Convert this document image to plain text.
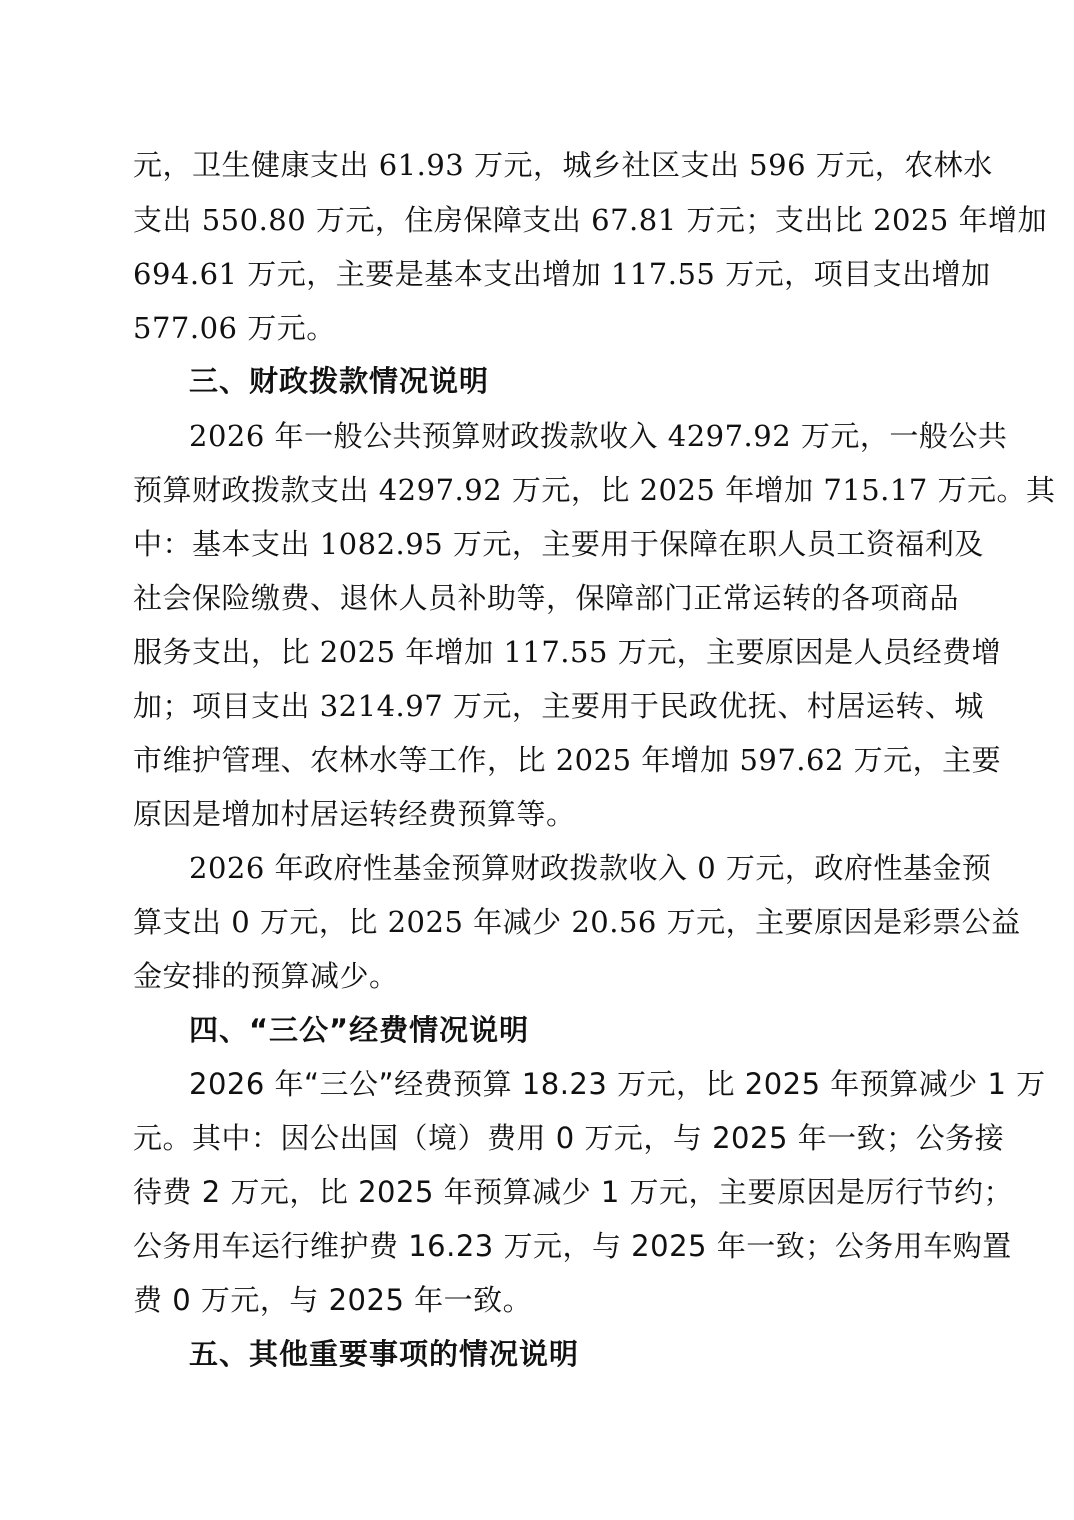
元，卫生健康支出 61.93 万元，城乡社区支出 596 万元，农林水
支出 550.80 万元，住房保障支出 67.81 万元；支出比 2025 年增加
694.61 万元，主要是基本支出增加 117.55 万元，项目支出增加
577.06 万元。
三、财政拨款情况说明
2026 年一般公共预算财政拨款收入 4297.92 万元，一般公共
预算财政拨款支出 4297.92 万元，比 2025 年增加 715.17 万元。其
中：基本支出 1082.95 万元，主要用于保障在职人员工资福利及
社会保险缴费、退休人员补助等，保障部门正常运转的各项商品
服务支出，比 2025 年增加 117.55 万元，主要原因是人员经费增
加；项目支出 3214.97 万元，主要用于民政优抚、村居运转、城
市维护管理、农林水等工作，比 2025 年增加 597.62 万元，主要
原因是增加村居运转经费预算等。
2026 年政府性基金预算财政拨款收入 0 万元，政府性基金预
算支出 0 万元，比 2025 年减少 20.56 万元，主要原因是彩票公益
金安排的预算减少。
四、“三公”经费情况说明
2026 年“三公”经费预算 18.23 万元，比 2025 年预算减少 1 万
元。其中：因公出国（境）费用 0 万元，与 2025 年一致；公务接
待费 2 万元，比 2025 年预算减少 1 万元，主要原因是厉行节约；
公务用车运行维护费 16.23 万元，与 2025 年一致；公务用车购置
费 0 万元，与 2025 年一致。
五、其他重要事项的情况说明
